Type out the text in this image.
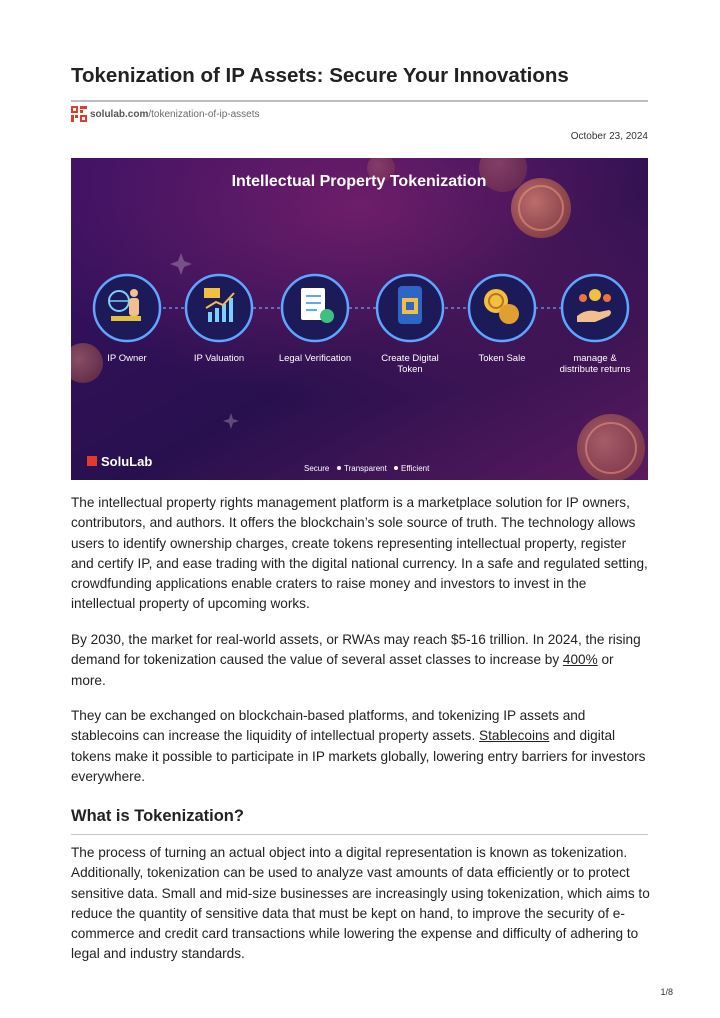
Tokenization of IP Assets: Secure Your Innovations
solulab.com /tokenization-of-ip-assets
October 23, 2024
Intellectual Property Tokenization
IP Owner	IP Valuation	Legal Verification	Create Digital
Token
Token Sale	manage &
distribute returns
SoluLab	Secure Transparent Efficient

The intellectual property rights management platform is a marketplace solution for IP owners, contributors, and authors. It offers the blockchain’s sole source of truth. The technology allows users to identify ownership charges, create tokens representing intellectual property, register and certify IP, and ease trading with the digital national currency. In a safe and regulated setting, crowdfunding applications enable craters to raise money and investors to invest in the intellectual property of upcoming works.

By 2030, the market for real-world assets, or RWAs may reach $5-16 trillion. In 2024, the rising demand for tokenization caused the value of several asset classes to increase by 400% or more.

They can be exchanged on blockchain-based platforms, and tokenizing IP assets and stablecoins can increase the liquidity of intellectual property assets. Stablecoins and digital tokens make it possible to participate in IP markets globally, lowering entry barriers for investors everywhere.

What is Tokenization?

The process of turning an actual object into a digital representation is known as tokenization. Additionally, tokenization can be used to analyze vast amounts of data efficiently or to protect sensitive data. Small and mid-size businesses are increasingly using tokenization, which aims to reduce the quantity of sensitive data that must be kept on hand, to improve the security of e-commerce and credit card transactions while lowering the expense and difficulty of adhering to legal and industry standards.

1/8
